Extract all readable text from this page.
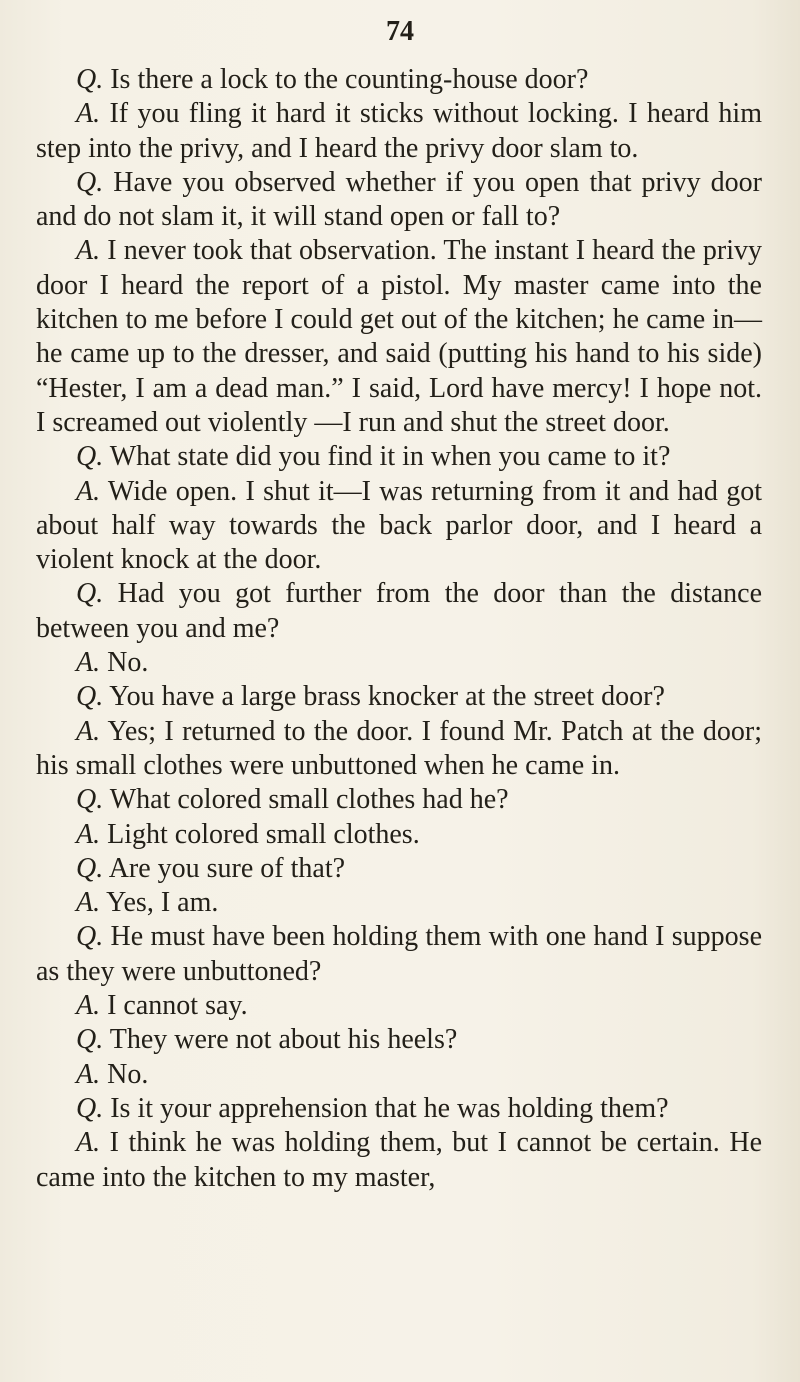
74

Q. Is there a lock to the counting-house door?

A. If you fling it hard it sticks without locking. I heard him step into the privy, and I heard the privy door slam to.

Q. Have you observed whether if you open that privy door and do not slam it, it will stand open or fall to?

A. I never took that observation. The instant I heard the privy door I heard the report of a pistol. My master came into the kitchen to me before I could get out of the kitchen; he came in—he came up to the dresser, and said (putting his hand to his side) “Hester, I am a dead man.” I said, Lord have mercy! I hope not. I screamed out violently —I run and shut the street door.

Q. What state did you find it in when you came to it?

A. Wide open. I shut it—I was returning from it and had got about half way towards the back parlor door, and I heard a violent knock at the door.

Q. Had you got further from the door than the distance between you and me?

A. No.

Q. You have a large brass knocker at the street door?

A. Yes; I returned to the door. I found Mr. Patch at the door; his small clothes were unbuttoned when he came in.

Q. What colored small clothes had he?

A. Light colored small clothes.

Q. Are you sure of that?

A. Yes, I am.

Q. He must have been holding them with one hand I suppose as they were unbuttoned?

A. I cannot say.

Q. They were not about his heels?

A. No.

Q. Is it your apprehension that he was holding them?

A. I think he was holding them, but I cannot be certain. He came into the kitchen to my master,
